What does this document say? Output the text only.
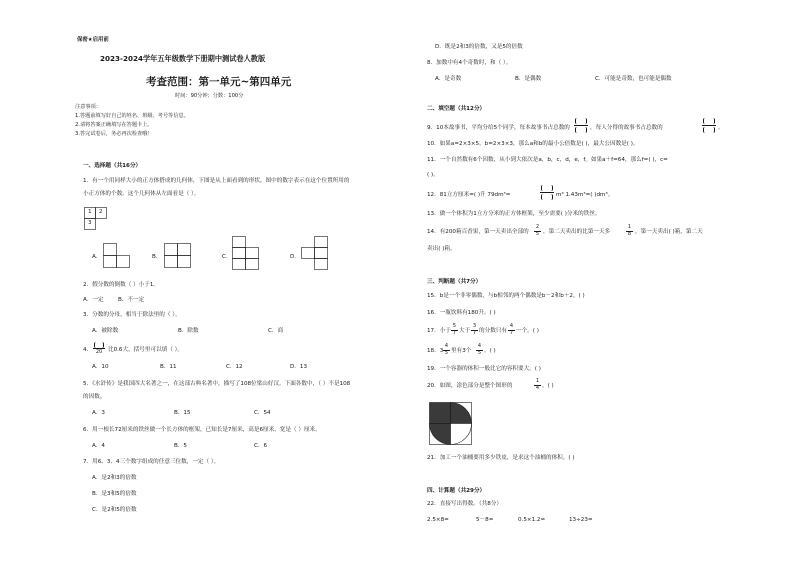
保密★启用前
2023-2024学年五年级数学下册期中测试卷人教版
考查范围：第一单元~第四单元
时间：90分钟；分数：100分
注意事项：
1.答题前填写好自己的姓名、班级、考号等信息。
2.请将答案正确填写在答题卡上。
3.答完试卷后，务必再次检查哦！
一、选择题（共16分）
1．有一个用同样大小的正方体搭成的几何体，下图是从上面看到的形状，图中的数字表示在这个位置所用的
小正方体的个数。这个几何体从左面看是（ ）。
1 2
3
A.	B.	C.	D.
2．假分数的倒数（ ）小于1。
A．一定	B．不一定
3．分数的分母，相当于除法里的（ ）。
A．被除数	B．除数	C．商
4． 20	比0.6大，括号里可以填（ ）。
A．10	B．11	C．12	D．13
5．《水浒传》是我国四大名著之一，在这部古典名著中，描写了108位梁山好汉。下面各数中，（ ）不是108
的因数。
A．3	B．15	C．54
6．用一根长72厘米的铁丝做一个长方体的框架，已知长是7厘米，高是6厘米，宽是（ ）厘米。
A．4	B．5	C．6
7．用6、3、4三个数字组成的任意三位数，一定（ ）。
A．是2和3的倍数
B．是3和5的倍数
C．是2和5的倍数
D．既是2和3的倍数，又是5的倍数
8．加数中有4个奇数时，和（ ）。
A．是奇数	B．是偶数	C．可能是奇数，也可能是偶数
二、填空题（共12分）
9．10本故事书，平均分给5个同学，每本故事书占总数的	，每人分得的故事书占总数的	。
10．如果a=2×3×5，b=2×3×3，那么a和b的最小公倍数是( )，最大公因数是( )。
11．一个自然数有6个因数，从小到大依次是a，b，c，d，e，f。如果a＋f=64，那么f=( )，c=
( )。
12．81立方厘米=( )升 79dm³=	m³ 1.43m³=( )dm³。
13．做一个体积为1立方分米的正方体框架，至少需要( )分米的铁丝。
14．有200箱百香果，第一天卖出全部的
2
5 ，第二天卖出的比第一天多
1
8 ，第一天卖出( )箱，第二天
卖出( )箱。
三、判断题（共7分）
15．b是一个非零偶数，与b相邻的两个偶数是b－2和b＋2。( )
16．一瓶饮料有180升。( )
17．小于
5
7 大于
3
7 的分数只有
4
7 一个。( )
18．3
4
5 里有3个
4
5 。( )
19．一个容器的体积一般比它的容积要大。( )
20．如图，涂色部分是整个图形的
1
4 。( )
21．加工一个油桶要用多少铁皮，是求这个油桶的体积。( )
四、计算题（共29分）
22．直接写出得数。（共8分）
2.5×8=	5－8=	0.5×1.2=	13÷23=
